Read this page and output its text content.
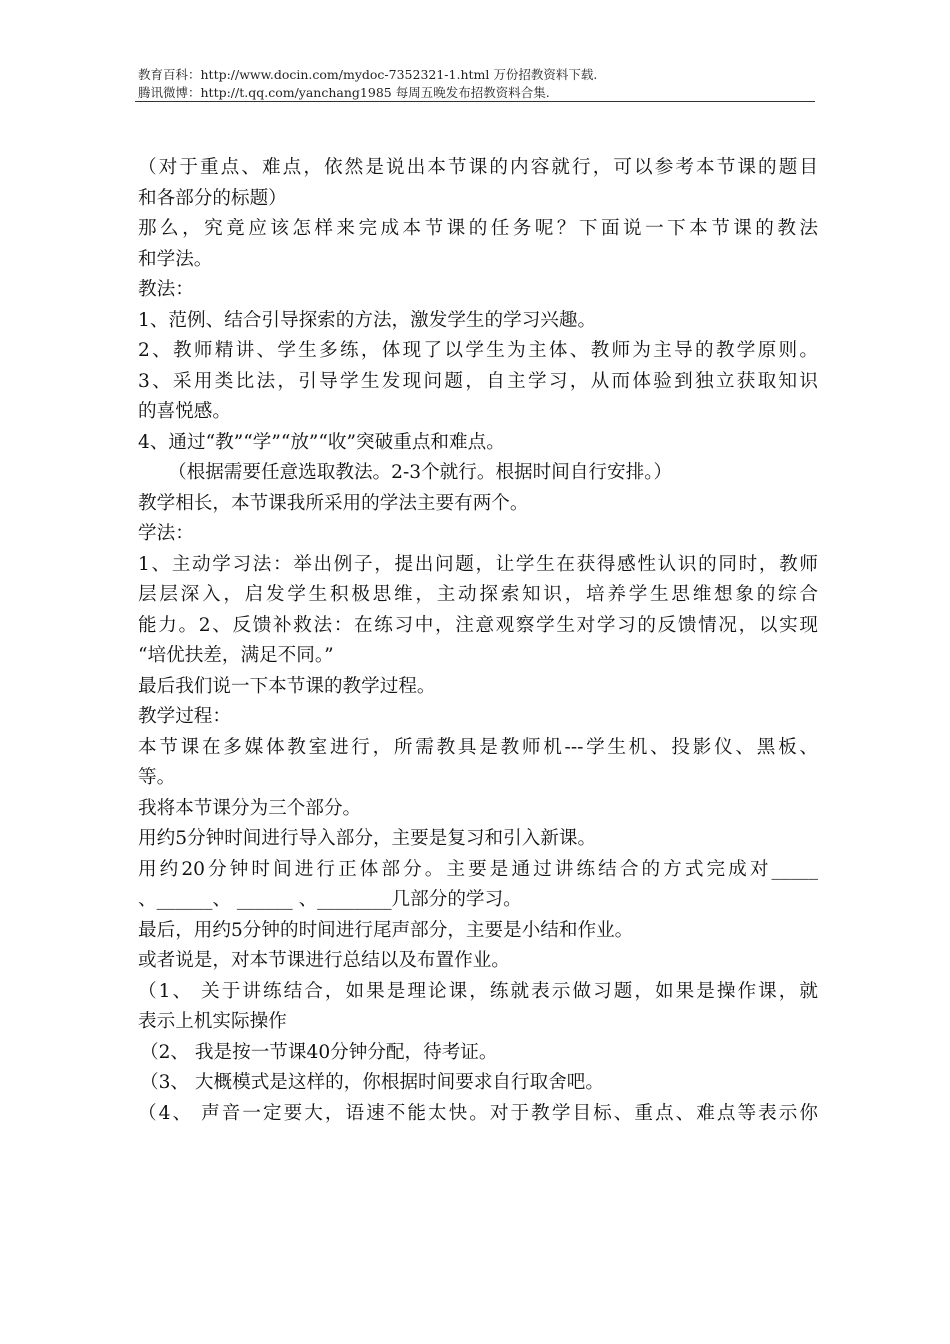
教育百科：http://www.docin.com/mydoc-7352321-1.html 万份招教资料下载.
腾讯微博：http://t.qq.com/yanchang1985 每周五晚发布招教资料合集.
（对于重点、难点，依然是说出本节课的内容就行，可以参考本节课的题目
和各部分的标题）
那么，究竟应该怎样来完成本节课的任务呢？下面说一下本节课的教法
和学法。
教法：
1、范例、结合引导探索的方法，激发学生的学习兴趣。
2、教师精讲、学生多练，体现了以学生为主体、教师为主导的教学原则。
3、采用类比法，引导学生发现问题，自主学习，从而体验到独立获取知识
的喜悦感。
4、通过“教”“学”“放”“收”突破重点和难点。
（根据需要任意选取教法。2-3个就行。根据时间自行安排。）
教学相长，本节课我所采用的学法主要有两个。
学法：
1、主动学习法：举出例子，提出问题，让学生在获得感性认识的同时，教师
层层深入，启发学生积极思维，主动探索知识，培养学生思维想象的综合
能力。2、反馈补救法：在练习中，注意观察学生对学习的反馈情况，以实现
“培优扶差，满足不同。”
最后我们说一下本节课的教学过程。
教学过程：
本节课在多媒体教室进行，所需教具是教师机---学生机、投影仪、黑板、
等。
我将本节课分为三个部分。
用约5分钟时间进行导入部分，主要是复习和引入新课。
用约20分钟时间进行正体部分。主要是通过讲练结合的方式完成对_____
、______、 ______ 、________几部分的学习。
最后，用约5分钟的时间进行尾声部分，主要是小结和作业。
或者说是，对本节课进行总结以及布置作业。
（1、 关于讲练结合，如果是理论课，练就表示做习题，如果是操作课，就
表示上机实际操作
（2、 我是按一节课40分钟分配，待考证。
（3、 大概模式是这样的，你根据时间要求自行取舍吧。
（4、 声音一定要大，语速不能太快。对于教学目标、重点、难点等表示你
